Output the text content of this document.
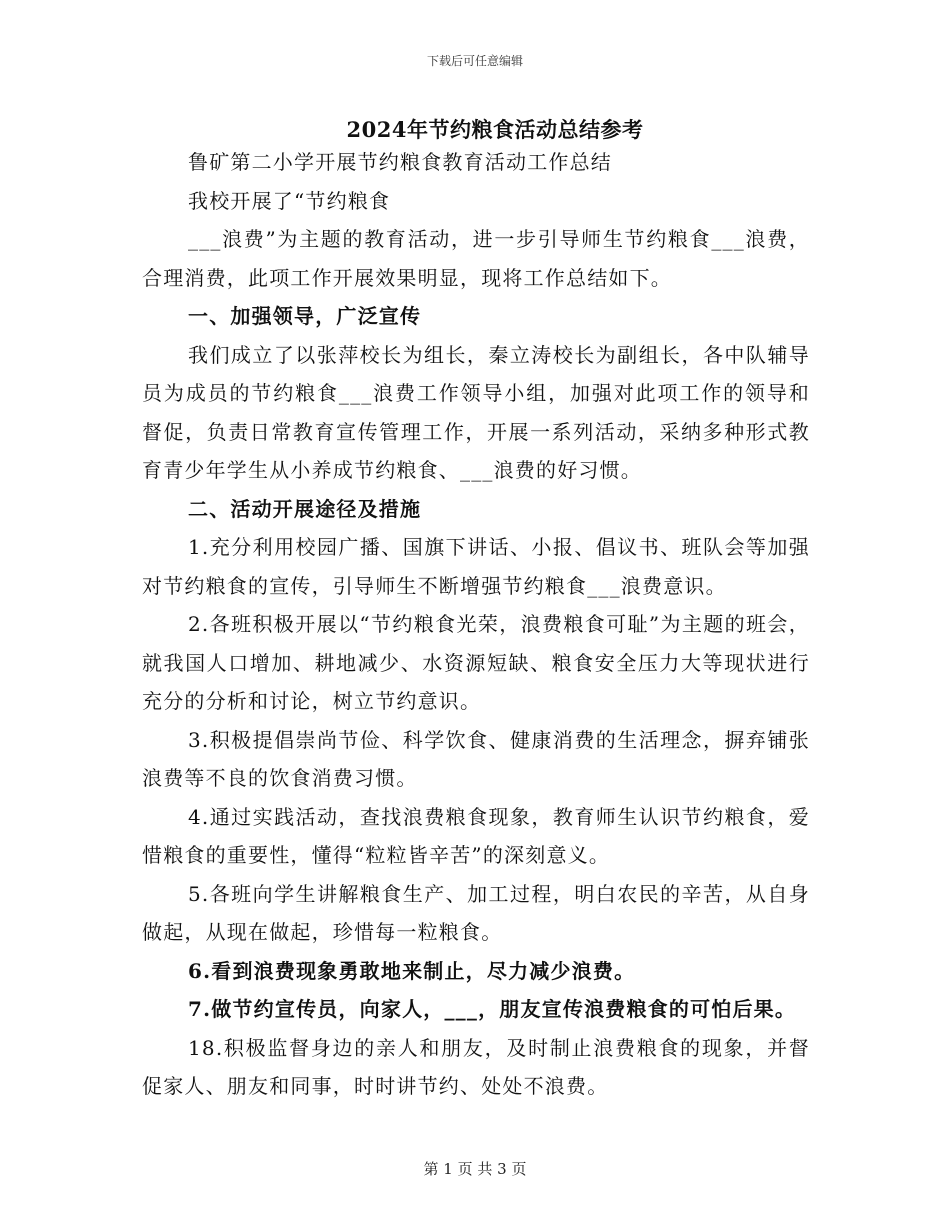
下载后可任意编辑
2024年节约粮食活动总结参考

鲁矿第二小学开展节约粮食教育活动工作总结

我校开展了“节约粮食

___浪费”为主题的教育活动，进一步引导师生节约粮食___浪费，合理消费，此项工作开展效果明显，现将工作总结如下。

一、加强领导，广泛宣传

我们成立了以张萍校长为组长，秦立涛校长为副组长，各中队辅导员为成员的节约粮食___浪费工作领导小组，加强对此项工作的领导和督促，负责日常教育宣传管理工作，开展一系列活动，采纳多种形式教育青少年学生从小养成节约粮食、___浪费的好习惯。

二、活动开展途径及措施

1.充分利用校园广播、国旗下讲话、小报、倡议书、班队会等加强对节约粮食的宣传，引导师生不断增强节约粮食___浪费意识。

2.各班积极开展以“节约粮食光荣，浪费粮食可耻”为主题的班会，就我国人口增加、耕地减少、水资源短缺、粮食安全压力大等现状进行充分的分析和讨论，树立节约意识。

3.积极提倡崇尚节俭、科学饮食、健康消费的生活理念，摒弃铺张浪费等不良的饮食消费习惯。

4.通过实践活动，查找浪费粮食现象，教育师生认识节约粮食，爱惜粮食的重要性，懂得“粒粒皆辛苦”的深刻意义。

5.各班向学生讲解粮食生产、加工过程，明白农民的辛苦，从自身做起，从现在做起，珍惜每一粒粮食。

6.看到浪费现象勇敢地来制止，尽力减少浪费。

7.做节约宣传员，向家人，___，朋友宣传浪费粮食的可怕后果。

18.积极监督身边的亲人和朋友，及时制止浪费粮食的现象，并督促家人、朋友和同事，时时讲节约、处处不浪费。

第 1 页 共 3 页
